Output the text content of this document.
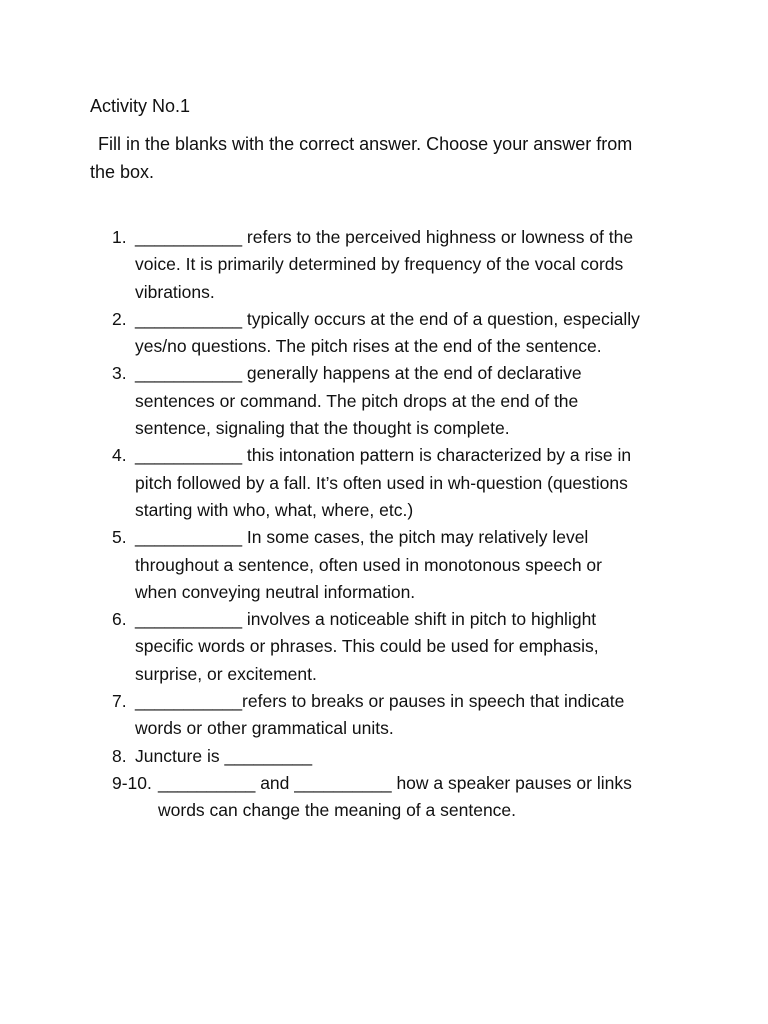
Activity No.1
Fill in the blanks with the correct answer. Choose your answer from
the box.
1. ___________ refers to the perceived highness or lowness of the
voice. It is primarily determined by frequency of the vocal cords
vibrations.
2. ___________ typically occurs at the end of a question, especially
yes/no questions. The pitch rises at the end of the sentence.
3. ___________ generally happens at the end of declarative
sentences or command. The pitch drops at the end of the
sentence, signaling that the thought is complete.
4. ___________ this intonation pattern is characterized by a rise in
pitch followed by a fall. It’s often used in wh-question (questions
starting with who, what, where, etc.)
5. ___________ In some cases, the pitch may relatively level
throughout a sentence, often used in monotonous speech or
when conveying neutral information.
6. ___________ involves a noticeable shift in pitch to highlight
specific words or phrases. This could be used for emphasis,
surprise, or excitement.
7. ___________refers to breaks or pauses in speech that indicate
words or other grammatical units.
8. Juncture is _________
9-10. __________ and __________ how a speaker pauses or links
words can change the meaning of a sentence.
